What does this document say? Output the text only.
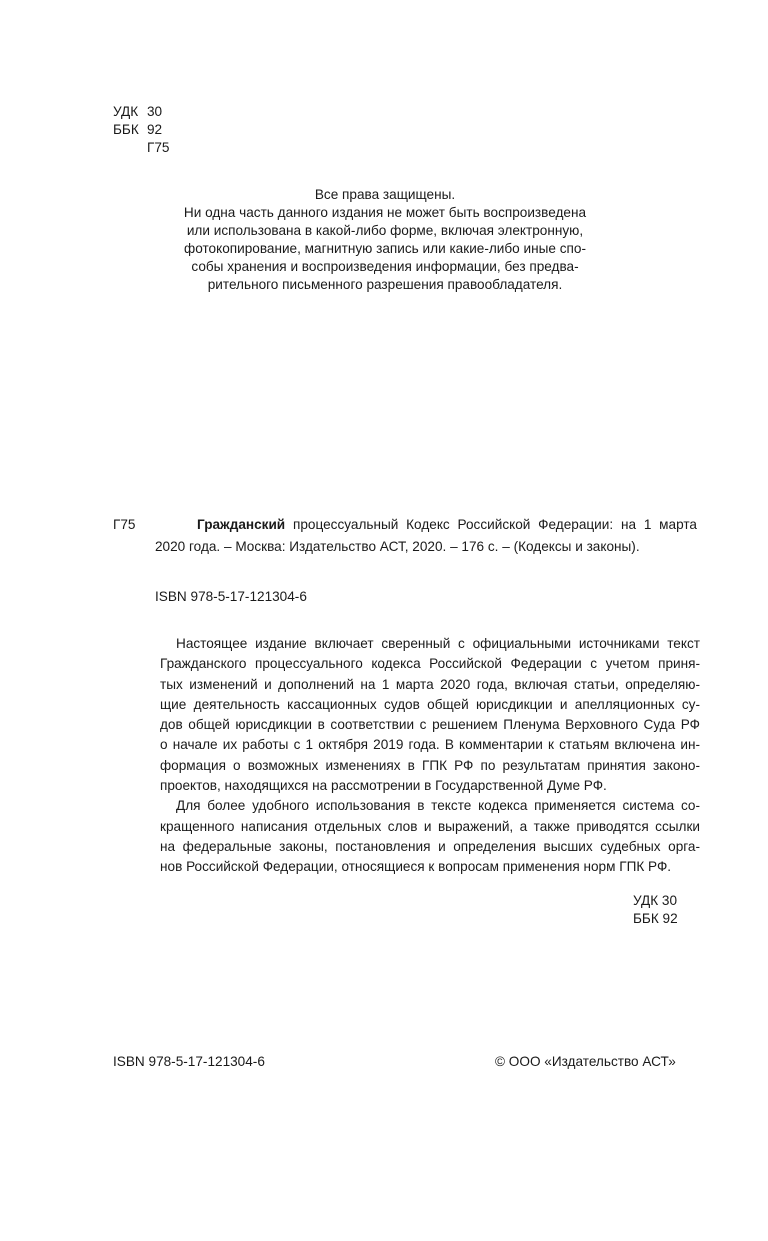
УДК 30
ББК 92
Г75
Все права защищены.
Ни одна часть данного издания не может быть воспроизведена
или использована в какой-либо форме, включая электронную,
фотокопирование, магнитную запись или какие-либо иные спо-
собы хранения и воспроизведения информации, без предва-
рительного письменного разрешения правообладателя.
Г75	Гражданский процессуальный Кодекс Российской Федерации: на 1 марта
2020 года. – Москва: Издательство АСТ, 2020. – 176 с. – (Кодексы и законы).
ISBN 978-5-17-121304-6
Настоящее издание включает сверенный с официальными источниками текст
Гражданского процессуального кодекса Российской Федерации с учетом приня-
тых изменений и дополнений на 1 марта 2020 года, включая статьи, определяю-
щие деятельность кассационных судов общей юрисдикции и апелляционных су-
дов общей юрисдикции в соответствии с решением Пленума Верховного Суда РФ
о начале их работы с 1 октября 2019 года. В комментарии к статьям включена ин-
формация о возможных изменениях в ГПК РФ по результатам принятия законо-
проектов, находящихся на рассмотрении в Государственной Думе РФ.
Для более удобного использования в тексте кодекса применяется система со-
кращенного написания отдельных слов и выражений, а также приводятся ссылки
на федеральные законы, постановления и определения высших судебных орга-
нов Российской Федерации, относящиеся к вопросам применения норм ГПК РФ.
УДК 30
ББК 92
ISBN 978-5-17-121304-6	© ООО «Издательство АСТ»
